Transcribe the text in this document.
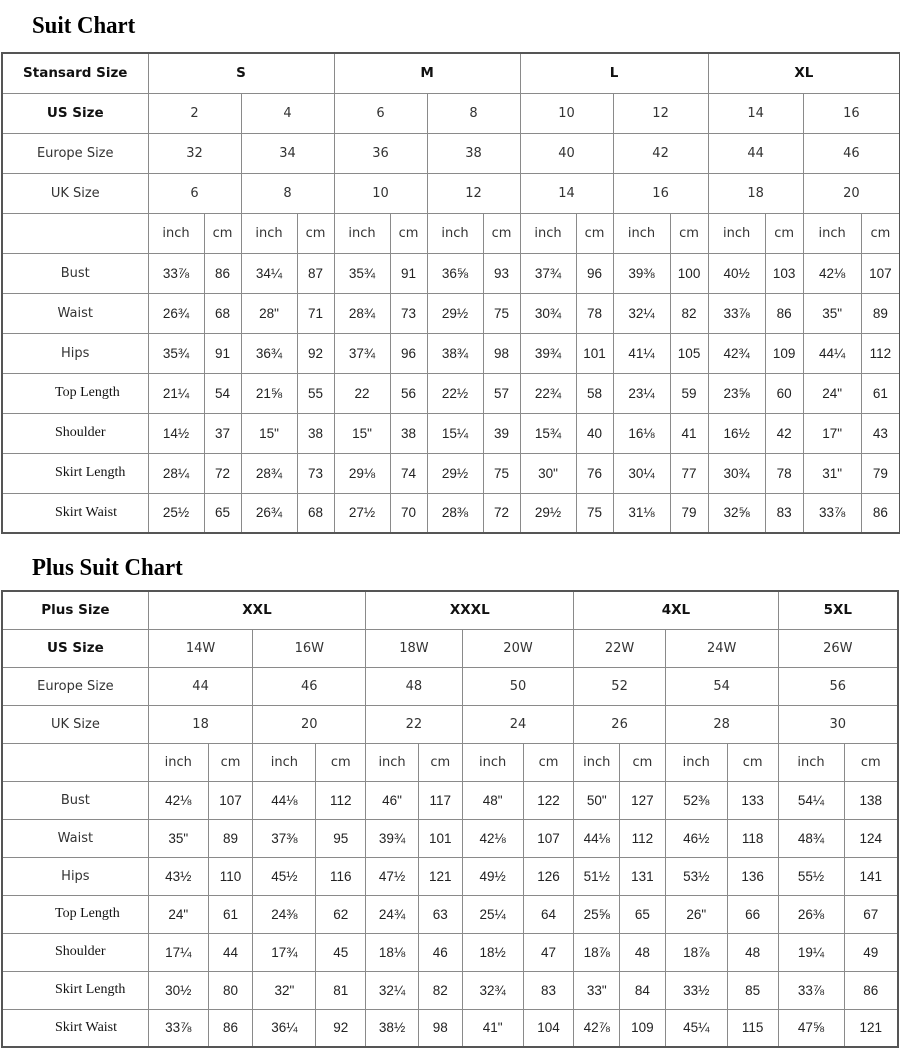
Suit Chart
Stansard Size	S				M				L				XL			
US Size	2		4		6		8		10		12		14		16	
Europe Size	32		34		36		38		40		42		44		46	
UK Size	6		8		10		12		14		16		18		20	
	inch	cm	inch	cm	inch	cm	inch	cm	inch	cm	inch	cm	inch	cm	inch	cm
Bust	33⅞	86	34¼	87	35¾	91	36⅝	93	37¾	96	39⅜	100	40½	103	42⅛	107
Waist	26¾	68	28"	71	28¾	73	29½	75	30¾	78	32¼	82	33⅞	86	35"	89
Hips	35¾	91	36¾	92	37¾	96	38¾	98	39¾	101	41¼	105	42¾	109	44¼	112
Top Length	21¼	54	21⅝	55	22	56	22½	57	22¾	58	23¼	59	23⅝	60	24"	61
Shoulder	14½	37	15"	38	15"	38	15¼	39	15¾	40	16⅛	41	16½	42	17"	43
Skirt Length	28¼	72	28¾	73	29⅛	74	29½	75	30"	76	30¼	77	30¾	78	31"	79
Skirt Waist	25½	65	26¾	68	27½	70	28⅜	72	29½	75	31⅛	79	32⅝	83	33⅞	86
Plus Suit Chart
Plus Size	XXL				XXXL				4XL				5XL	
US Size	14W		16W		18W		20W		22W		24W		26W	
Europe Size	44		46		48		50		52		54		56	
UK Size	18		20		22		24		26		28		30	
	inch	cm	inch	cm	inch	cm	inch	cm	inch	cm	inch	cm	inch	cm
Bust	42⅛	107	44⅛	112	46"	117	48"	122	50"	127	52⅜	133	54¼	138
Waist	35"	89	37⅜	95	39¾	101	42⅛	107	44⅛	112	46½	118	48¾	124
Hips	43½	110	45½	116	47½	121	49½	126	51½	131	53½	136	55½	141
Top Length	24"	61	24⅜	62	24¾	63	25¼	64	25⅝	65	26"	66	26⅜	67
Shoulder	17¼	44	17¾	45	18⅛	46	18½	47	18⅞	48	18⅞	48	19¼	49
Skirt Length	30½	80	32"	81	32¼	82	32¾	83	33"	84	33½	85	33⅞	86
Skirt Waist	33⅞	86	36¼	92	38½	98	41"	104	42⅞	109	45¼	115	47⅝	121
